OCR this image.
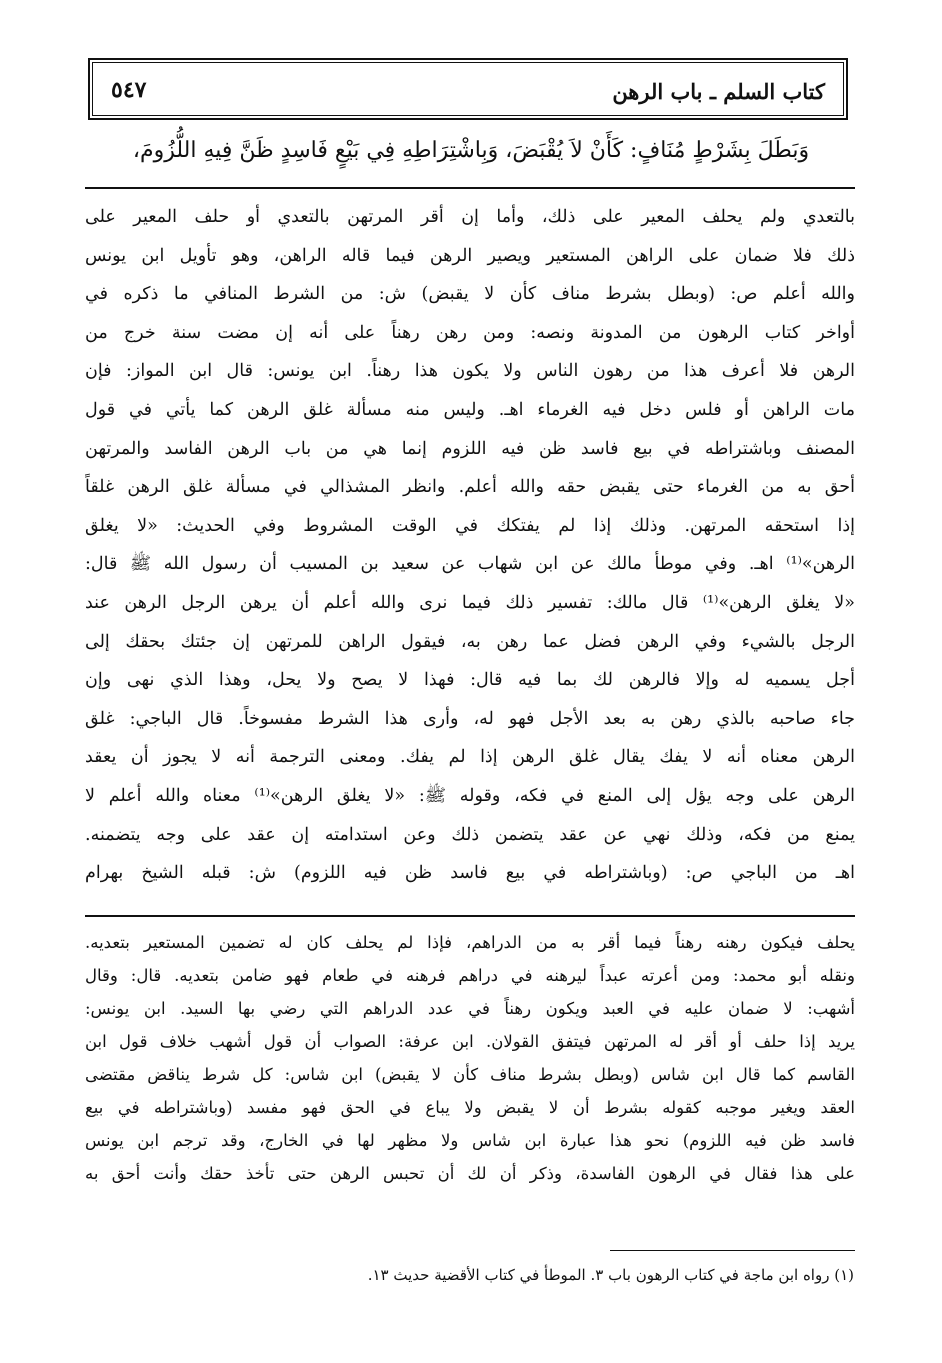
كتاب السلم ـ باب الرهن
٥٤٧
وَبَطَلَ بِشَرْطٍ مُنَافٍ: كَأَنْ لاَ يُقْبَضَ، وَبِاشْتِرَاطِهِ فِي بَيْعٍ فَاسِدٍ ظَنَّ فِيهِ اللُّزُومَ،
بالتعدي ولم يحلف المعير على ذلك، وأما إن أقر المرتهن بالتعدي أو حلف المعير على
ذلك فلا ضمان على الراهن المستعير ويصير الرهن فيما قاله الراهن، وهو تأويل ابن يونس
والله أعلم ص: (وبطل بشرط مناف كأن لا يقبض) ش: من الشرط المنافي ما ذكره في
أواخر كتاب الرهون من المدونة ونصه: ومن رهن رهناً على أنه إن مضت سنة خرج من
الرهن فلا أعرف هذا من رهون الناس ولا يكون هذا رهناً. ابن يونس: قال ابن المواز: فإن
مات الراهن أو فلس دخل فيه الغرماء اهـ. وليس منه مسألة غلق الرهن كما يأتي في قول
المصنف وباشتراطه في بيع فاسد ظن فيه اللزوم إنما هي من باب الرهن الفاسد والمرتهن
أحق به من الغرماء حتى يقبض حقه والله أعلم. وانظر المشذالي في مسألة غلق الرهن غلقاً
إذا استحقه المرتهن. وذلك إذا لم يفتكك في الوقت المشروط وفي الحديث: «لا يغلق
الرهن»⁽¹⁾ اهـ. وفي موطأ مالك عن ابن شهاب عن سعيد بن المسيب أن رسول الله ﷺ قال:
«لا يغلق الرهن»⁽¹⁾ قال مالك: تفسير ذلك فيما نرى والله أعلم أن يرهن الرجل الرهن عند
الرجل بالشيء وفي الرهن فضل عما رهن به، فيقول الراهن للمرتهن إن جئتك بحقك إلى
أجل يسميه له وإلا فالرهن لك بما فيه قال: فهذا لا يصح ولا يحل، وهذا الذي نهى وإن
جاء صاحبه بالذي رهن به بعد الأجل فهو له، وأرى هذا الشرط مفسوخاً. قال الباجي: غلق
الرهن معناه أنه لا يفك يقال غلق الرهن إذا لم يفك. ومعنى الترجمة أنه لا يجوز أن يعقد
الرهن على وجه يؤل إلى المنع في فكه، وقوله ﷺ: «لا يغلق الرهن»⁽¹⁾ معناه والله أعلم لا
يمنع من فكه، وذلك نهي عن عقد يتضمن ذلك وعن استدامته إن عقد على وجه يتضمنه.
اهـ من الباجي ص: (وباشتراطه في بيع فاسد ظن فيه اللزوم) ش: قبله الشيخ بهرام
يحلف فيكون رهنه رهناً فيما أقر به من الدراهم، فإذا لم يحلف كان له تضمين المستعير بتعديه.
ونقله أبو محمد: ومن أعرته عبداً ليرهنه في دراهم فرهنه في طعام فهو ضامن بتعديه. قال: وقال
أشهب: لا ضمان عليه في العبد ويكون رهناً في عدد الدراهم التي رضي بها السيد. ابن يونس:
يريد إذا حلف أو أقر له المرتهن فيتفق القولان. ابن عرفة: الصواب أن قول أشهب خلاف قول ابن
القاسم كما قال ابن شاس (وبطل بشرط مناف كأن لا يقبض) ابن شاس: كل شرط يناقض مقتضى
العقد ويغير موجبه كقوله بشرط أن لا يقبض ولا يباع في الحق فهو مفسد (وباشتراطه في بيع
فاسد ظن فيه اللزوم) نحو هذا عبارة ابن شاس ولا مظهر لها في الخارج، وقد ترجم ابن يونس
على هذا فقال في الرهون الفاسدة، وذكر أن لك أن تحبس الرهن حتى تأخذ حقك وأنت أحق به
(١) رواه ابن ماجة في كتاب الرهون باب ٣. الموطأ في كتاب الأقضية حديث ١٣.
